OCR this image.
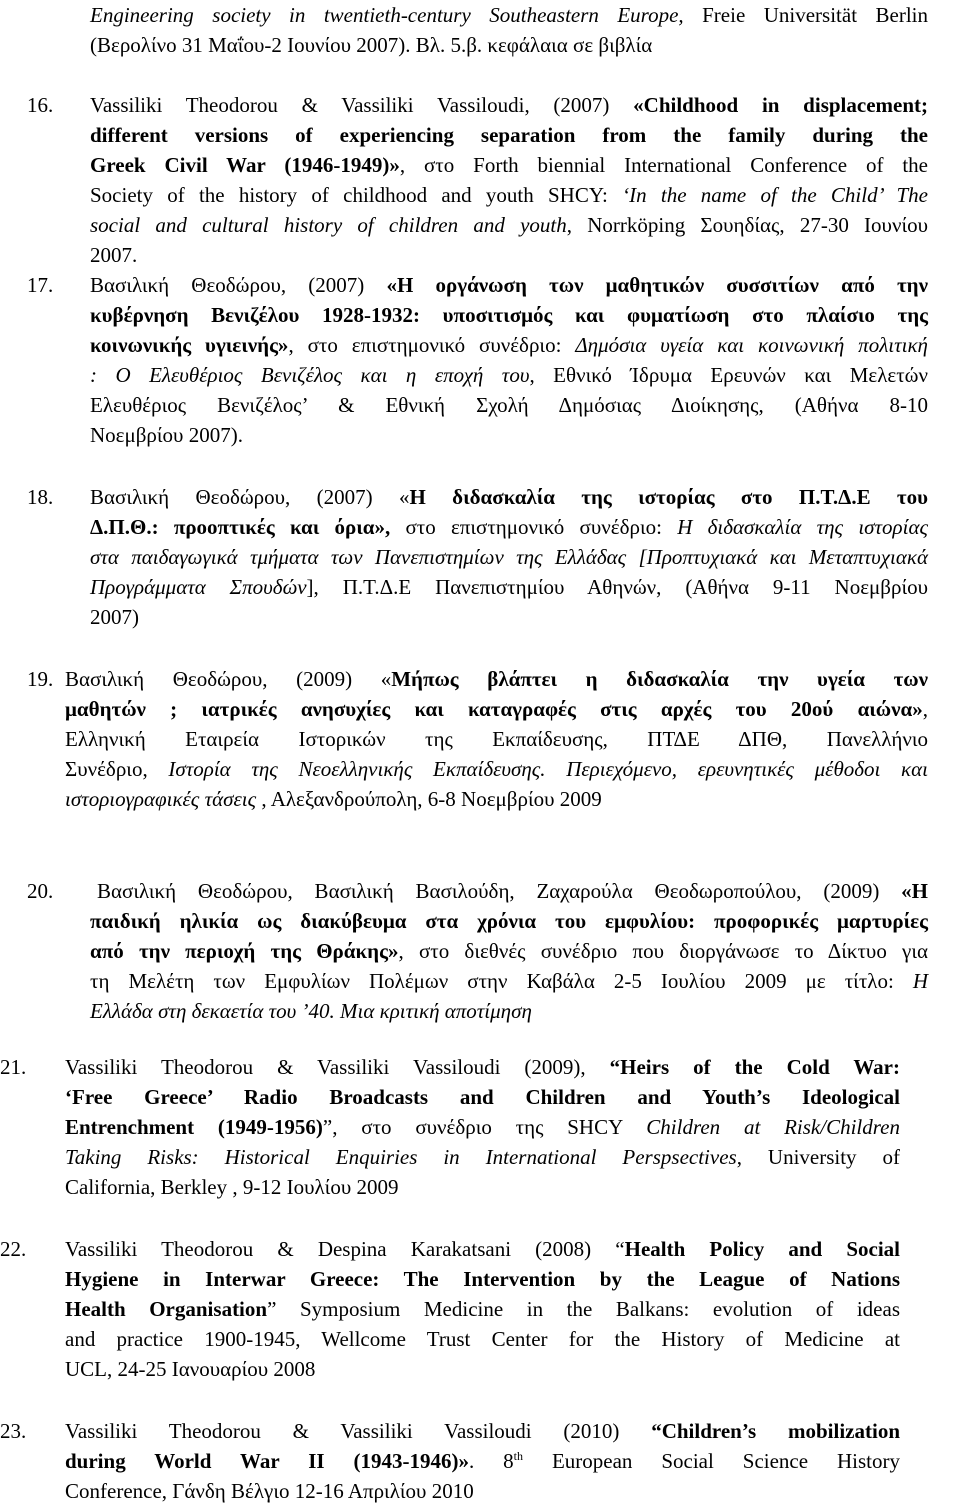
Engineering society in twentieth-century Southeastern Europe, Freie Universität Berlin
(Βερολίνο 31 Μαΐου-2 Ιουνίου 2007). Βλ. 5.β. κεφάλαια σε βιβλία
16. Vassiliki Theodorou & Vassiliki Vassiloudi, (2007) «Childhood in displacement;
different versions of experiencing separation from the family during the
Greek Civil War (1946-1949)», στο Forth biennial International Conference of the
Society of the history of childhood and youth SHCY: ‘In the name of the Child’ The
social and cultural history of children and youth, Norrköping Σουηδίας, 27-30 Ιουνίου
2007.
17. Βασιλική Θεοδώρου, (2007) «Η οργάνωση των μαθητικών συσσιτίων από την
κυβέρνηση Βενιζέλου 1928-1932: υποσιτισμός και φυματίωση στο πλαίσιο της
κοινωνικής υγιεινής», στο επιστημονικό συνέδριο: Δημόσια υγεία και κοινωνική πολιτική
: Ο Ελευθέριος Βενιζέλος και η εποχή του, Εθνικό Ίδρυμα Ερευνών και Μελετών
Ελευθέριος Βενιζέλος’ & Εθνική Σχολή Δημόσιας Διοίκησης, (Αθήνα 8-10
Νοεμβρίου 2007).
18. Βασιλική Θεοδώρου, (2007) «Η διδασκαλία της ιστορίας στο Π.Τ.Δ.Ε του
Δ.Π.Θ.: προοπτικές και όρια», στο επιστημονικό συνέδριο: Η διδασκαλία της ιστορίας
στα παιδαγωγικά τμήματα των Πανεπιστημίων της Ελλάδας [Προπτυχιακά και Μεταπτυχιακά
Προγράμματα Σπουδών], Π.Τ.Δ.Ε Πανεπιστημίου Αθηνών, (Αθήνα 9-11 Νοεμβρίου
2007)
19. Βασιλική Θεοδώρου, (2009) «Μήπως βλάπτει η διδασκαλία την υγεία των
μαθητών ; ιατρικές ανησυχίες και καταγραφές στις αρχές του 20ού αιώνα»,
Ελληνική Εταιρεία Ιστορικών της Εκπαίδευσης, ΠΤΔΕ ΔΠΘ, Πανελλήνιο
Συνέδριο, Ιστορία της Νεοελληνικής Εκπαίδευσης. Περιεχόμενο, ερευνητικές μέθοδοι και
ιστοριογραφικές τάσεις , Αλεξανδρούπολη, 6-8 Νοεμβρίου 2009
20. Βασιλική Θεοδώρου, Βασιλική Βασιλούδη, Ζαχαρούλα Θεοδωροπούλου, (2009) «Η
παιδική ηλικία ως διακύβευμα στα χρόνια του εμφυλίου: προφορικές μαρτυρίες
από την περιοχή της Θράκης», στο διεθνές συνέδριο που διοργάνωσε το Δίκτυο για
τη Μελέτη των Εμφυλίων Πολέμων στην Καβάλα 2-5 Ιουλίου 2009 με τίτλο: Η
Ελλάδα στη δεκαετία του ’40. Μια κριτική αποτίμηση
21. Vassiliki Theodorou & Vassiliki Vassiloudi (2009), “Heirs of the Cold War:
‘Free Greece’ Radio Broadcasts and Children and Youth’s Ideological
Entrenchment (1949-1956)”, στο συνέδριο της SHCY Children at Risk/Children
Taking Risks: Historical Enquiries in International Perspsectives, University of
California, Berkley , 9-12 Ιουλίου 2009
22. Vassiliki Theodorou & Despina Karakatsani (2008) “Health Policy and Social
Hygiene in Interwar Greece: The Intervention by the League of Nations
Health Organisation” Symposium Medicine in the Balkans: evolution of ideas
and practice 1900-1945, Wellcome Trust Center for the History of Medicine at
UCL, 24-25 Ιανουαρίου 2008
23. Vassiliki Theodorou & Vassiliki Vassiloudi (2010) “Children’s mobilization
during World War II (1943-1946)». 8th European Social Science History
Conference, Γάνδη Βέλγιο 12-16 Απριλίου 2010
